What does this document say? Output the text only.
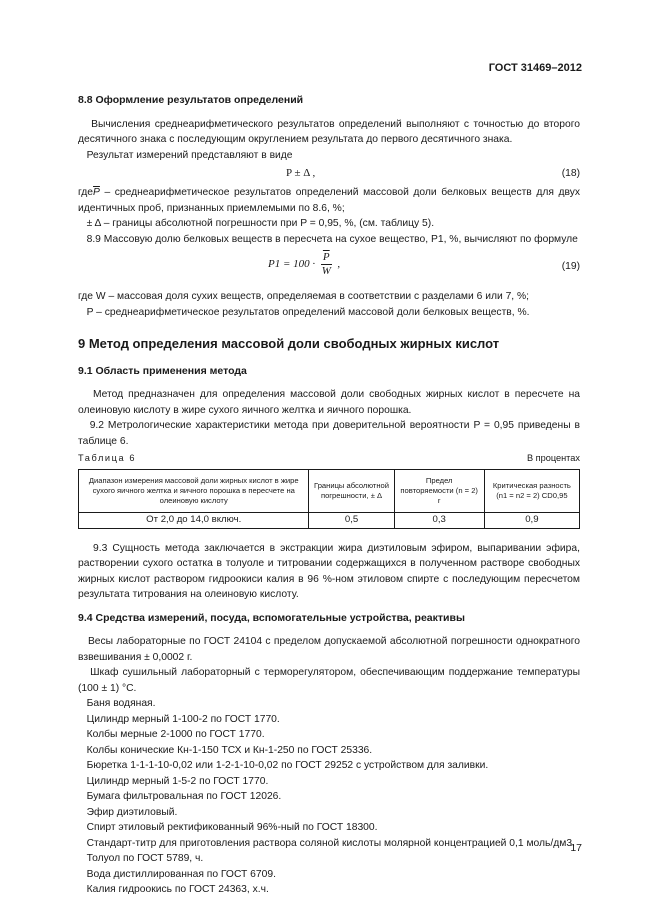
ГОСТ 31469–2012

8.8 Оформление результатов определений

Вычисления среднеарифметического результатов определений выполняют с точностью до второго десятичного знака с последующим округлением результата до первого десятичного знака.

Результат измерений представляют в виде

P ± Δ ,	(18)

$где\overline{P}$ – среднеарифметическое результатов определений массовой доли белковых веществ для двух идентичных проб, признанных приемлемыми по 8.6, %;

± Δ – границы абсолютной погрешности при P = 0,95, %, (см. таблицу 5).

8.9 Массовую долю белковых веществ в пересчета на сухое вещество, P1, %, вычисляют по формуле

$P1 = 100 \cdot \frac{\overline{P}}{W}$ ,	(19)

где W – массовая доля сухих веществ, определяемая в соответствии с разделами 6 или 7, %;

P – среднеарифметическое результатов определений массовой доли белковых веществ, %.

9 Метод определения массовой доли свободных жирных кислот

9.1 Область применения метода

Метод предназначен для определения массовой доли свободных жирных кислот в пересчете на олеиновую кислоту в жире сухого яичного желтка и яичного порошка.

9.2 Метрологические характеристики метода при доверительной вероятности P = 0,95 приведены в таблице 6.

Таблица 6	В процентах
Диапазон измерения массовой доли жирных кислот в жире сухого яичного желтка и яичного порошка в пересчете на олеиновую кислоту	Границы абсолютной погрешности, ± Δ	Предел повторяемости (n = 2) r	Критическая разность (n1 = n2 = 2) CD0,95
От 2,0 до 14,0 включ.	0,5	0,3	0,9

9.3 Сущность метода заключается в экстракции жира диэтиловым эфиром, выпаривании эфира, растворении сухого остатка в толуоле и титровании содержащихся в полученном растворе свободных жирных кислот раствором гидроокиси калия в 96 %-ном этиловом спирте с последующим пересчетом результата титрования на олеиновую кислоту.

9.4 Средства измерений, посуда, вспомогательные устройства, реактивы

Весы лабораторные по ГОСТ 24104 с пределом допускаемой абсолютной погрешности однократного взвешивания ± 0,0002 г.

Шкаф сушильный лабораторный с терморегулятором, обеспечивающим поддержание температуры (100 ± 1) °С.

Баня водяная.

Цилиндр мерный 1-100-2 по ГОСТ 1770.

Колбы мерные 2-1000 по ГОСТ 1770.

Колбы конические Кн-1-150 ТСХ и Кн-1-250 по ГОСТ 25336.

Бюретка 1-1-1-10-0,02 или 1-2-1-10-0,02 по ГОСТ 29252 с устройством для заливки.

Цилиндр мерный 1-5-2 по ГОСТ 1770.

Бумага фильтровальная по ГОСТ 12026.

Эфир диэтиловый.

Спирт этиловый ректификованный 96%-ный по ГОСТ 18300.

Стандарт-титр для приготовления раствора соляной кислоты молярной концентрацией 0,1 моль/дм3.

Толуол по ГОСТ 5789, ч.

Вода дистиллированная по ГОСТ 6709.

Калия гидроокись по ГОСТ 24363, х.ч.

17
